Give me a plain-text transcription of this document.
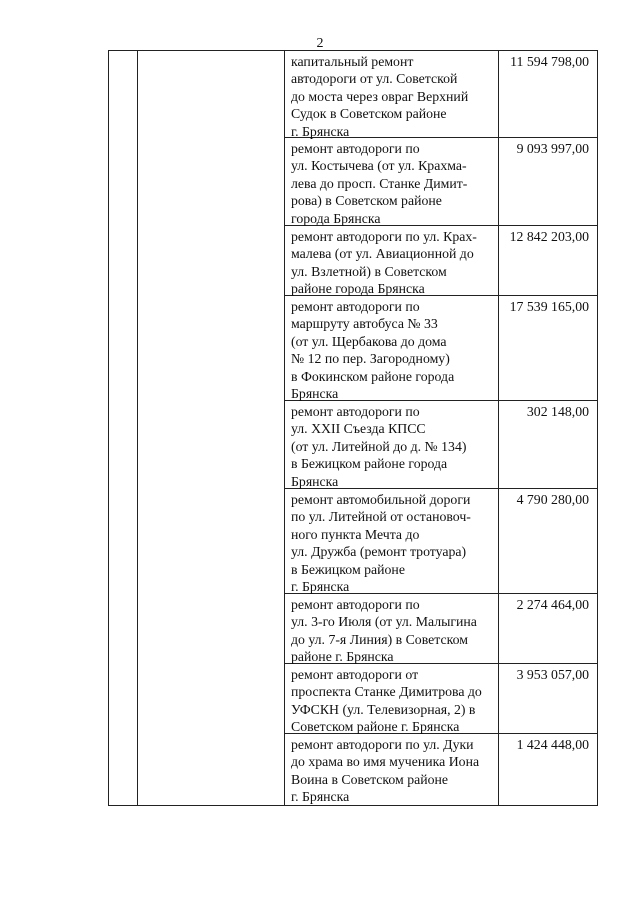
2
капитальный ремонт
автодороги от ул. Советской
до моста через овраг Верхний
Судок в Советском районе
г. Брянска
11 594 798,00
ремонт автодороги по
ул. Костычева (от ул. Крахма-
лева до просп. Станке Димит-
рова) в Советском районе
города Брянска
9 093 997,00
ремонт автодороги по ул. Крах-
малева (от ул. Авиационной до
ул. Взлетной) в Советском
районе города Брянска
12 842 203,00
ремонт автодороги по
маршруту автобуса № 33
(от ул. Щербакова до дома
№ 12 по пер. Загородному)
в Фокинском районе города
Брянска
17 539 165,00
ремонт автодороги по
ул. XXII Съезда КПСС
(от ул. Литейной до д. № 134)
в Бежицком районе города
Брянска
302 148,00
ремонт автомобильной дороги
по ул. Литейной от остановоч-
ного пункта Мечта до
ул. Дружба (ремонт тротуара)
в Бежицком районе
г. Брянска
4 790 280,00
ремонт автодороги по
ул. 3-го Июля (от ул. Малыгина
до ул. 7-я Линия) в Советском
районе г. Брянска
2 274 464,00
ремонт автодороги от
проспекта Станке Димитрова до
УФСКН (ул. Телевизорная, 2) в
Советском районе г. Брянска
3 953 057,00
ремонт автодороги по ул. Дуки
до храма во имя мученика Иона
Воина в Советском районе
г. Брянска
1 424 448,00
